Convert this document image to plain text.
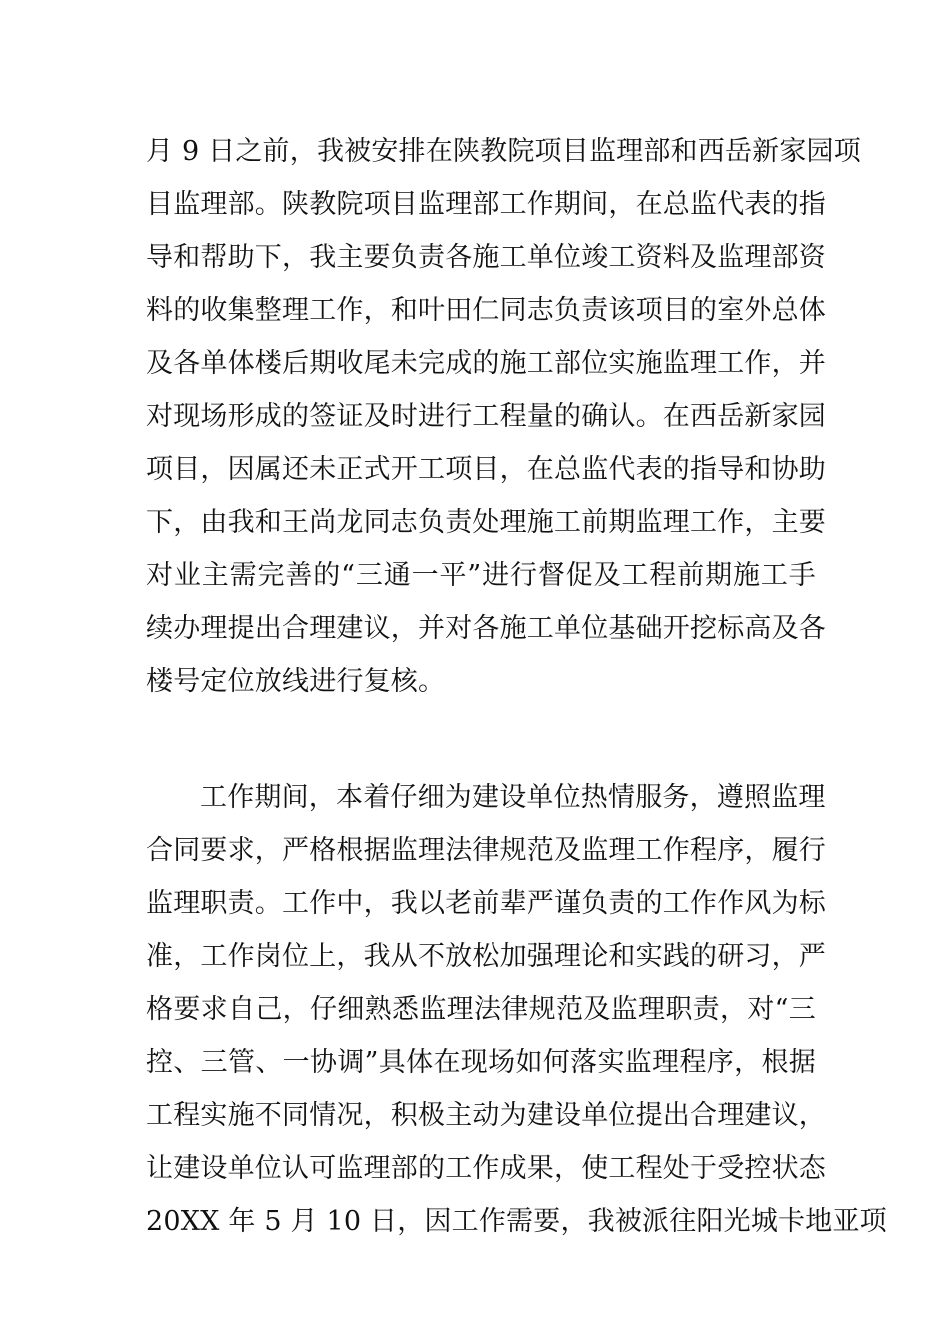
月 9 日之前，我被安排在陕教院项目监理部和西岳新家园项
目监理部。陕教院项目监理部工作期间，在总监代表的指
导和帮助下，我主要负责各施工单位竣工资料及监理部资
料的收集整理工作，和叶田仁同志负责该项目的室外总体
及各单体楼后期收尾未完成的施工部位实施监理工作，并
对现场形成的签证及时进行工程量的确认。在西岳新家园
项目，因属还未正式开工项目，在总监代表的指导和协助
下，由我和王尚龙同志负责处理施工前期监理工作，主要
对业主需完善的“三通一平”进行督促及工程前期施工手
续办理提出合理建议，并对各施工单位基础开挖标高及各
楼号定位放线进行复核。
工作期间，本着仔细为建设单位热情服务，遵照监理
合同要求，严格根据监理法律规范及监理工作程序，履行
监理职责。工作中，我以老前辈严谨负责的工作作风为标
准，工作岗位上，我从不放松加强理论和实践的研习，严
格要求自己，仔细熟悉监理法律规范及监理职责，对“三
控、三管、一协调”具体在现场如何落实监理程序，根据
工程实施不同情况，积极主动为建设单位提出合理建议，
让建设单位认可监理部的工作成果，使工程处于受控状态
20XX 年 5 月 10 日，因工作需要，我被派往阳光城卡地亚项
